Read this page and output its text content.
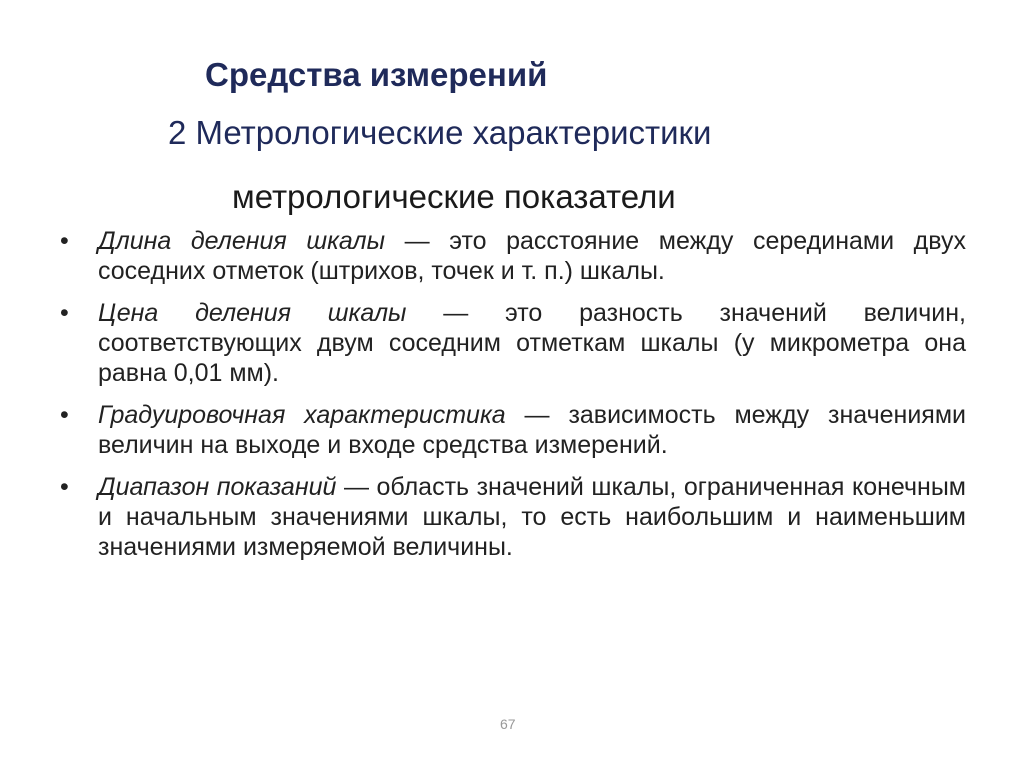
Средства измерений
2 Метрологические характеристики
метрологические показатели
• Длина деления шкалы — это расстояние между серединами двух соседних отметок (штрихов, точек и т. п.) шкалы.
• Цена деления шкалы — это разность значений величин, соответствующих двум соседним отметкам шкалы (у микрометра она равна 0,01 мм).
• Градуировочная характеристика — зависимость между значениями величин на выходе и входе средства измерений.
• Диапазон показаний — область значений шкалы, ограниченная конечным и начальным значениями шкалы, то есть наибольшим и наименьшим значениями измеряемой величины.
67
